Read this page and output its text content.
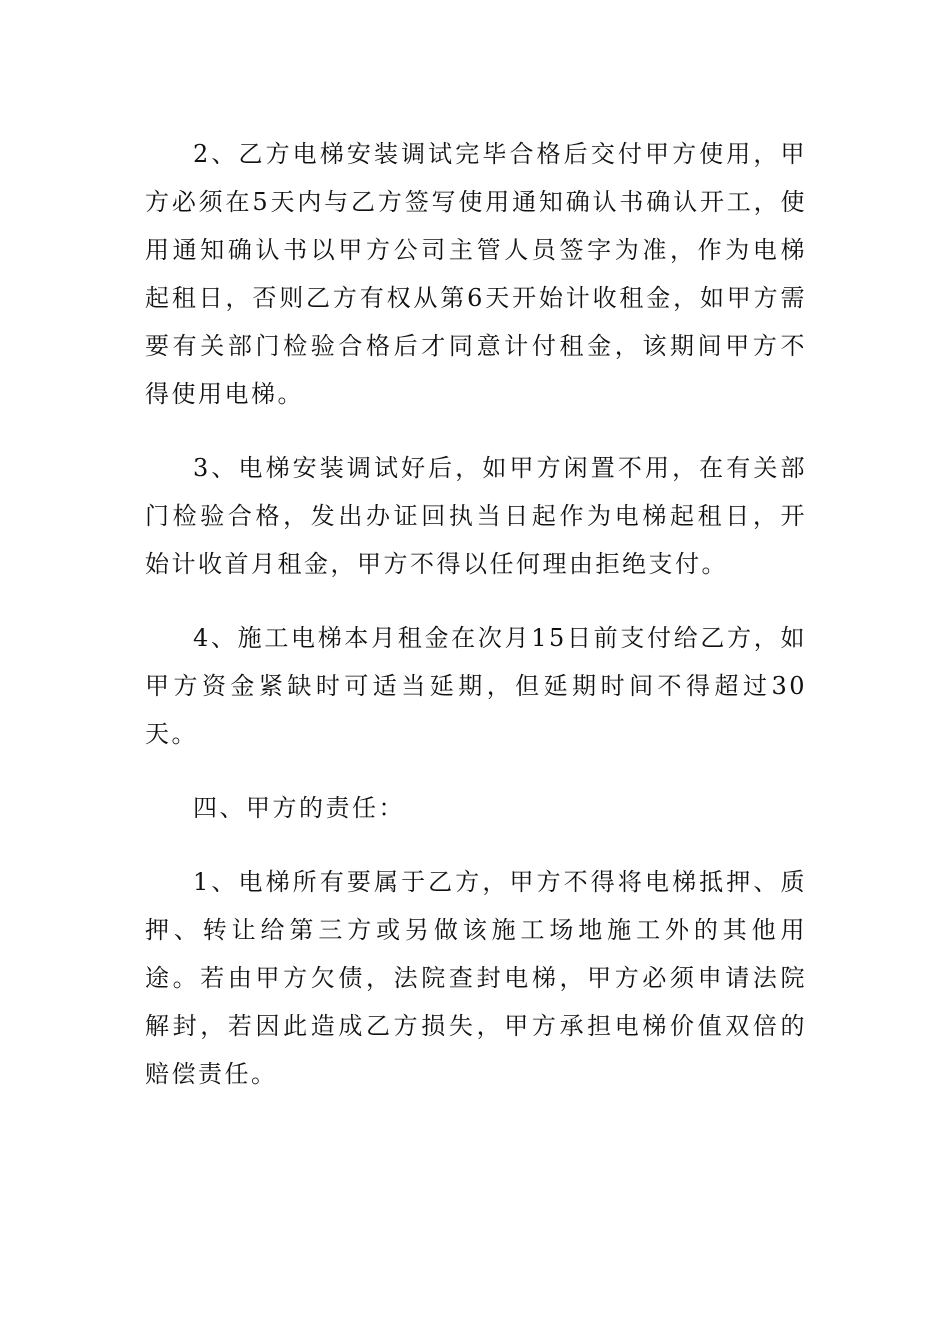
2、乙方电梯安装调试完毕合格后交付甲方使用，甲方必须在5天内与乙方签写使用通知确认书确认开工，使用通知确认书以甲方公司主管人员签字为准，作为电梯起租日，否则乙方有权从第6天开始计收租金，如甲方需要有关部门检验合格后才同意计付租金，该期间甲方不得使用电梯。

3、电梯安装调试好后，如甲方闲置不用，在有关部门检验合格，发出办证回执当日起作为电梯起租日，开始计收首月租金，甲方不得以任何理由拒绝支付。

4、施工电梯本月租金在次月15日前支付给乙方，如甲方资金紧缺时可适当延期，但延期时间不得超过30天。

四、甲方的责任：

1、电梯所有要属于乙方，甲方不得将电梯抵押、质押、转让给第三方或另做该施工场地施工外的其他用途。若由甲方欠债，法院查封电梯，甲方必须申请法院解封，若因此造成乙方损失，甲方承担电梯价值双倍的赔偿责任。
